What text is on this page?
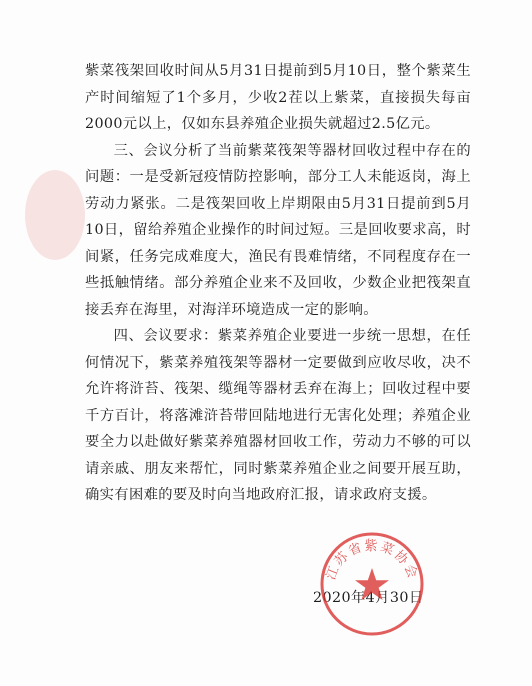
紫菜筏架回收时间从5月31日提前到5月10日，整个紫菜生产时间缩短了1个多月，少收2茬以上紫菜，直接损失每亩2000元以上，仅如东县养殖企业损失就超过2.5亿元。

三、会议分析了当前紫菜筏架等器材回收过程中存在的问题：一是受新冠疫情防控影响，部分工人未能返岗，海上劳动力紧张。二是筏架回收上岸期限由5月31日提前到5月10日，留给养殖企业操作的时间过短。三是回收要求高，时间紧，任务完成难度大，渔民有畏难情绪，不同程度存在一些抵触情绪。部分养殖企业来不及回收，少数企业把筏架直接丢弃在海里，对海洋环境造成一定的影响。

四、会议要求：紫菜养殖企业要进一步统一思想，在任何情况下，紫菜养殖筏架等器材一定要做到应收尽收，决不允许将浒苔、筏架、缆绳等器材丢弃在海上；回收过程中要千方百计，将落滩浒苔带回陆地进行无害化处理；养殖企业要全力以赴做好紫菜养殖器材回收工作，劳动力不够的可以请亲戚、朋友来帮忙，同时紫菜养殖企业之间要开展互助，确实有困难的要及时向当地政府汇报，请求政府支援。

2020年4月30日
江苏省紫菜协会
